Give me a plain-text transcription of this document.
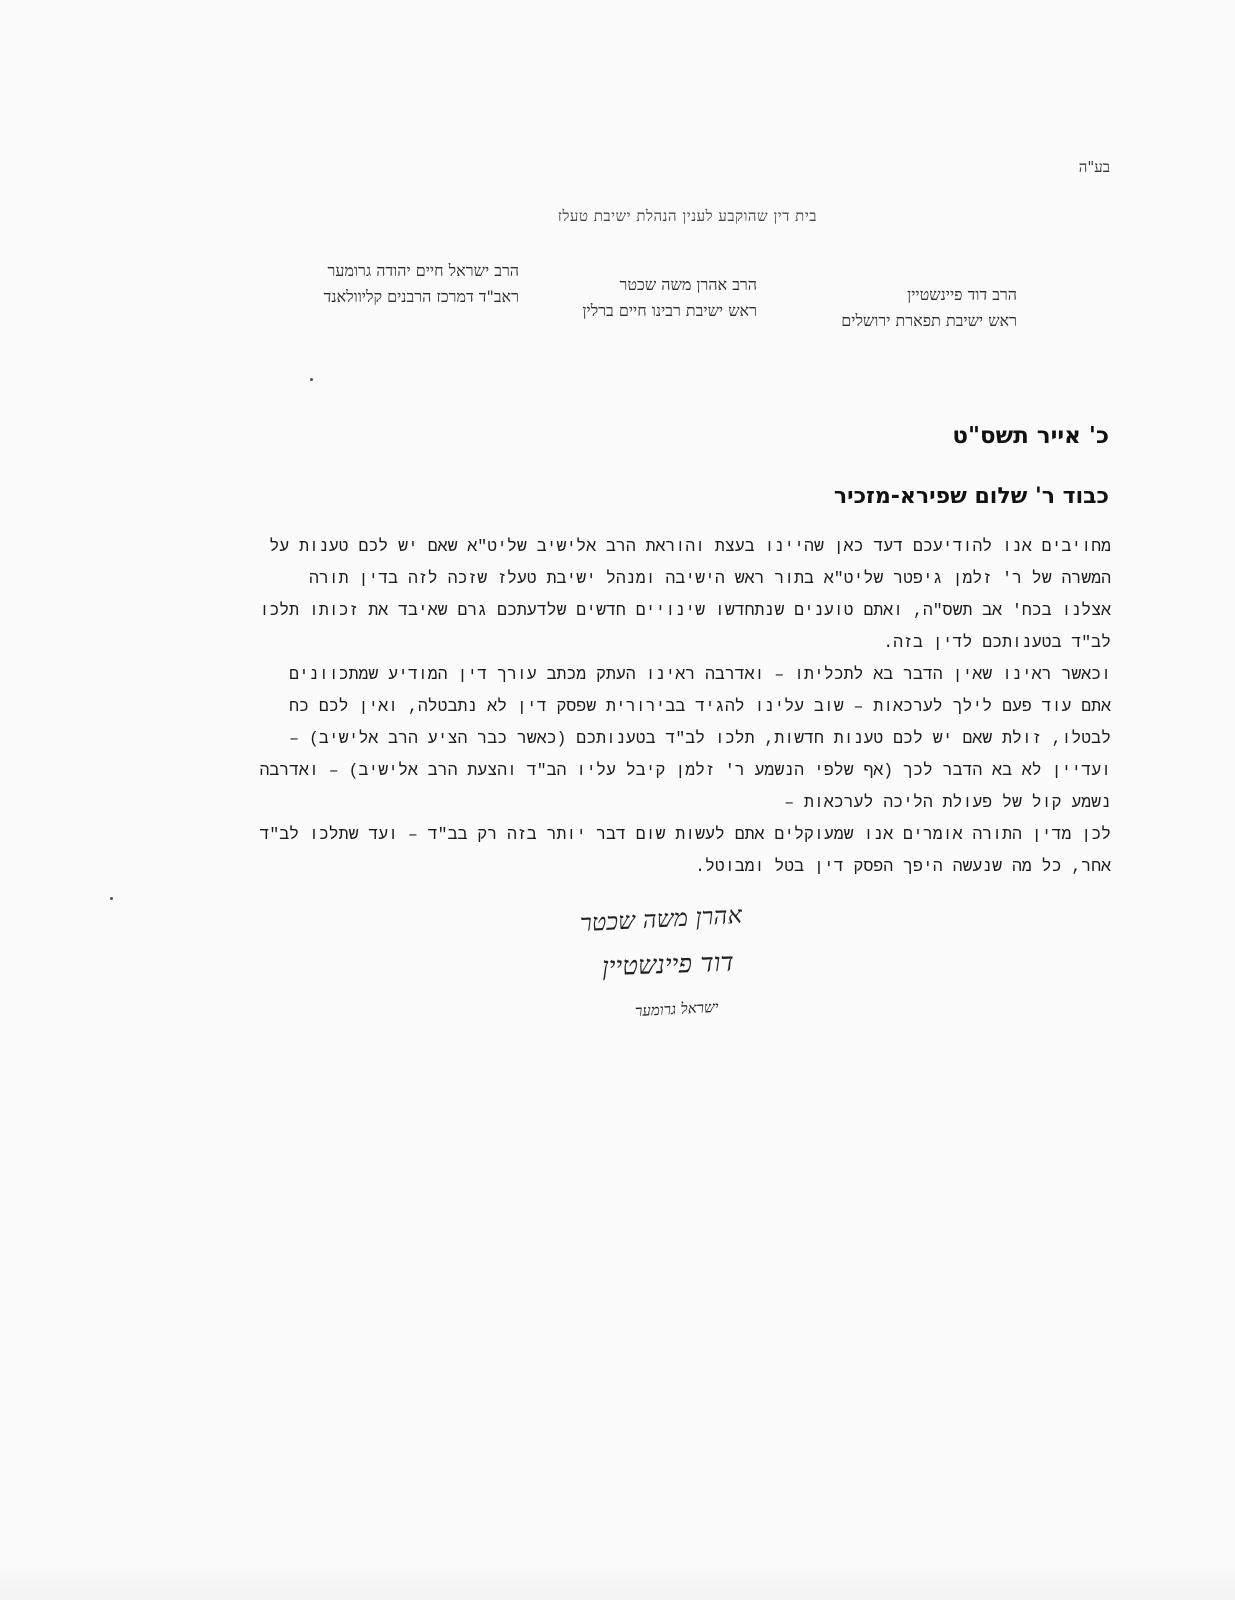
בע"ה
בית דין שהוקבע לענין הנהלת ישיבת טעלז
הרב דוד פיינשטיין
ראש ישיבת תפארת ירושלים
הרב אהרן משה שכטר
ראש ישיבת רבינו חיים ברלין
הרב ישראל חיים יהודה גרומער
ראב"ד דמרכז הרבנים קליוולאנד
כ' אייר תשס"ט
כבוד ר' שלום שפירא-מזכיר
מחויבים אנו להודיעכם דעד כאן שהיינו בעצת והוראת הרב אלישיב שליט"א שאם יש לכם טענות על
המשרה של ר' זלמן גיפטר שליט"א בתור ראש הישיבה ומנהל ישיבת טעלז שזכה לזה בדין תורה
אצלנו בכח' אב תשס"ה, ואתם טוענים שנתחדשו שינויים חדשים שלדעתכם גרם שאיבד את זכותו תלכו
לב"ד בטענותכם לדין בזה.
וכאשר ראינו שאין הדבר בא לתכליתו – ואדרבה ראינו העתק מכתב עורך דין המודיע שמתכוונים
אתם עוד פעם לילך לערכאות – שוב עלינו להגיד בבירורית שפסק דין לא נתבטלה, ואין לכם כח
לבטלו, זולת שאם יש לכם טענות חדשות, תלכו לב"ד בטענותכם (כאשר כבר הציע הרב אלישיב) –
ועדיין לא בא הדבר לכך (אף שלפי הנשמע ר' זלמן קיבל עליו הב"ד והצעת הרב אלישיב) – ואדרבה
נשמע קול של פעולת הליכה לערכאות –
לכן מדין התורה אומרים אנו שמעוקלים אתם לעשות שום דבר יותר בזה רק בב"ד – ועד שתלכו לב"ד
אחר, כל מה שנעשה היפך הפסק דין בטל ומבוטל.
אהרן משה שכטר
דוד פיינשטיין
ישראל גרומער
